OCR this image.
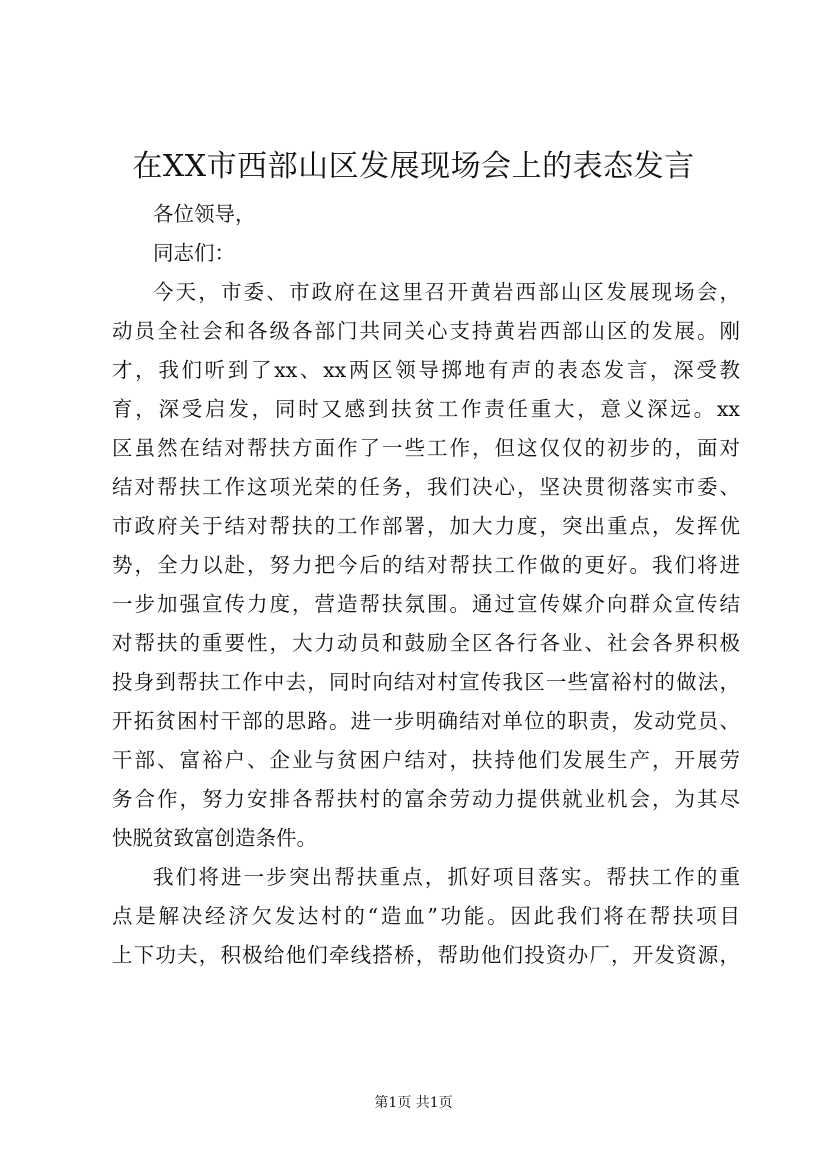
在XX市西部山区发展现场会上的表态发言
各位领导，
同志们：
今天，市委、市政府在这里召开黄岩西部山区发展现场会，
动员全社会和各级各部门共同关心支持黄岩西部山区的发展。刚
才，我们听到了xx、xx两区领导掷地有声的表态发言，深受教
育，深受启发，同时又感到扶贫工作责任重大，意义深远。xx
区虽然在结对帮扶方面作了一些工作，但这仅仅的初步的，面对
结对帮扶工作这项光荣的任务，我们决心，坚决贯彻落实市委、
市政府关于结对帮扶的工作部署，加大力度，突出重点，发挥优
势，全力以赴，努力把今后的结对帮扶工作做的更好。我们将进
一步加强宣传力度，营造帮扶氛围。通过宣传媒介向群众宣传结
对帮扶的重要性，大力动员和鼓励全区各行各业、社会各界积极
投身到帮扶工作中去，同时向结对村宣传我区一些富裕村的做法，
开拓贫困村干部的思路。进一步明确结对单位的职责，发动党员、
干部、富裕户、企业与贫困户结对，扶持他们发展生产，开展劳
务合作，努力安排各帮扶村的富余劳动力提供就业机会，为其尽
快脱贫致富创造条件。
我们将进一步突出帮扶重点，抓好项目落实。帮扶工作的重
点是解决经济欠发达村的“造血”功能。因此我们将在帮扶项目
上下功夫，积极给他们牵线搭桥，帮助他们投资办厂，开发资源，
第1页 共1页
